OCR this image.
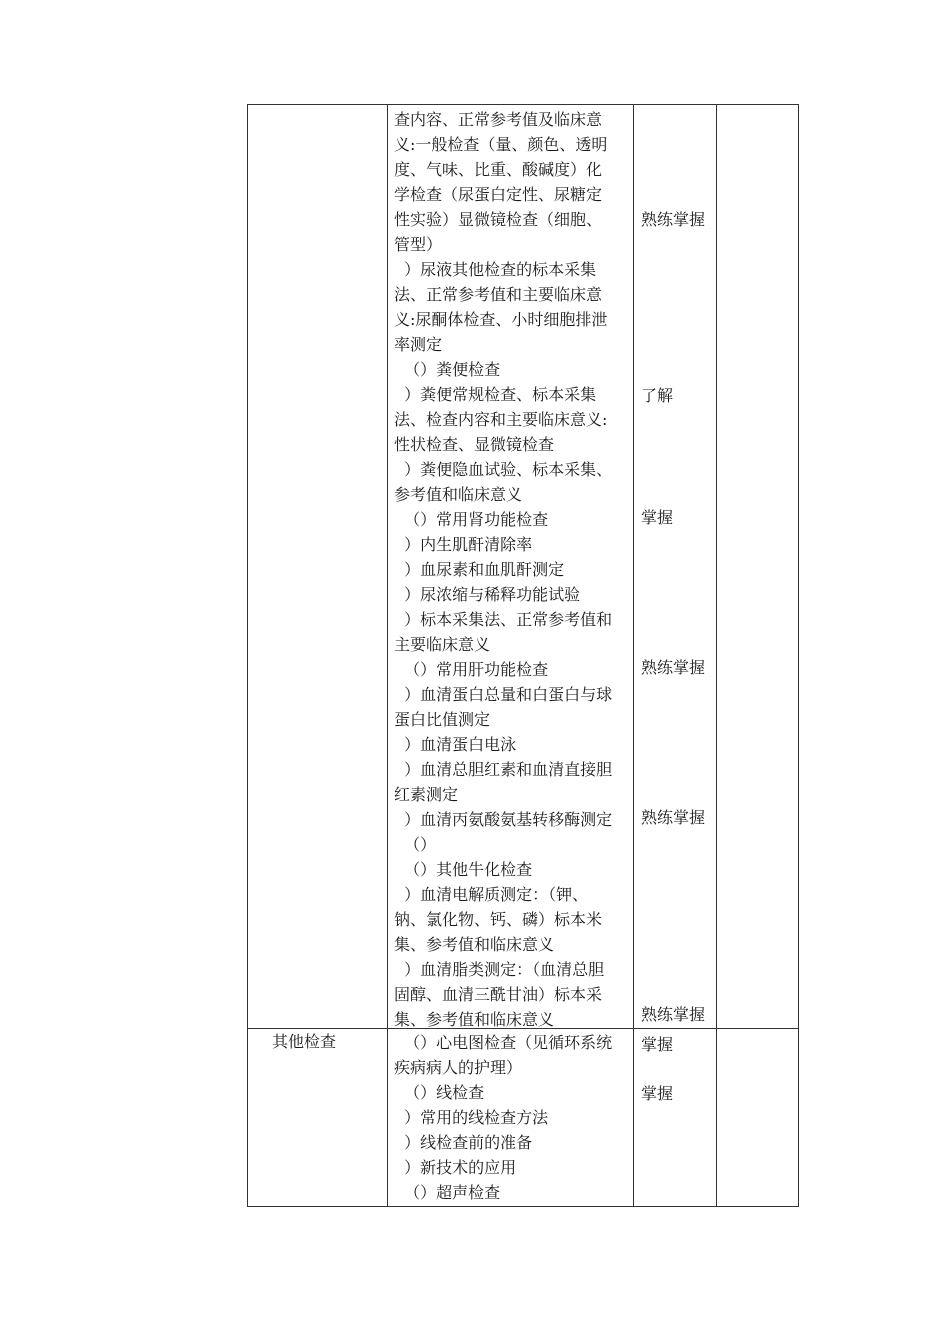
查内容、正常参考值及临床意
义:一般检查（量、颜色、透明
度、气味、比重、酸碱度）化
学检查（尿蛋白定性、尿糖定
性实验）显微镜检查（细胞、
管型）
）尿液其他检查的标本采集
法、正常参考值和主要临床意
义:尿酮体检查、小时细胞排泄
率测定
（）粪便检查
）粪便常规检查、标本采集
法、检查内容和主要临床意义:
性状检查、显微镜检查
）粪便隐血试验、标本采集、
参考值和临床意义
（）常用肾功能检查
）内生肌酐清除率
）血尿素和血肌酐测定
）尿浓缩与稀释功能试验
）标本采集法、正常参考值和
主要临床意义
（）常用肝功能检查
）血清蛋白总量和白蛋白与球
蛋白比值测定
）血清蛋白电泳
）血清总胆红素和血清直接胆
红素测定
）血清丙氨酸氨基转移酶测定
（）
（）其他牛化检查
）血清电解质测定：（钾、
钠、氯化物、钙、磷）标本米
集、参考值和临床意义
）血清脂类测定：（血清总胆
固醇、血清三酰甘油）标本采
集、参考值和临床意义
熟练掌握
了解
掌握
熟练掌握
熟练掌握
熟练掌握
其他检查	（）心电图检查（见循环系统
疾病病人的护理）
（）线检查
）常用的线检查方法
）线检查前的准备
）新技术的应用
（）超声检查
掌握
掌握
